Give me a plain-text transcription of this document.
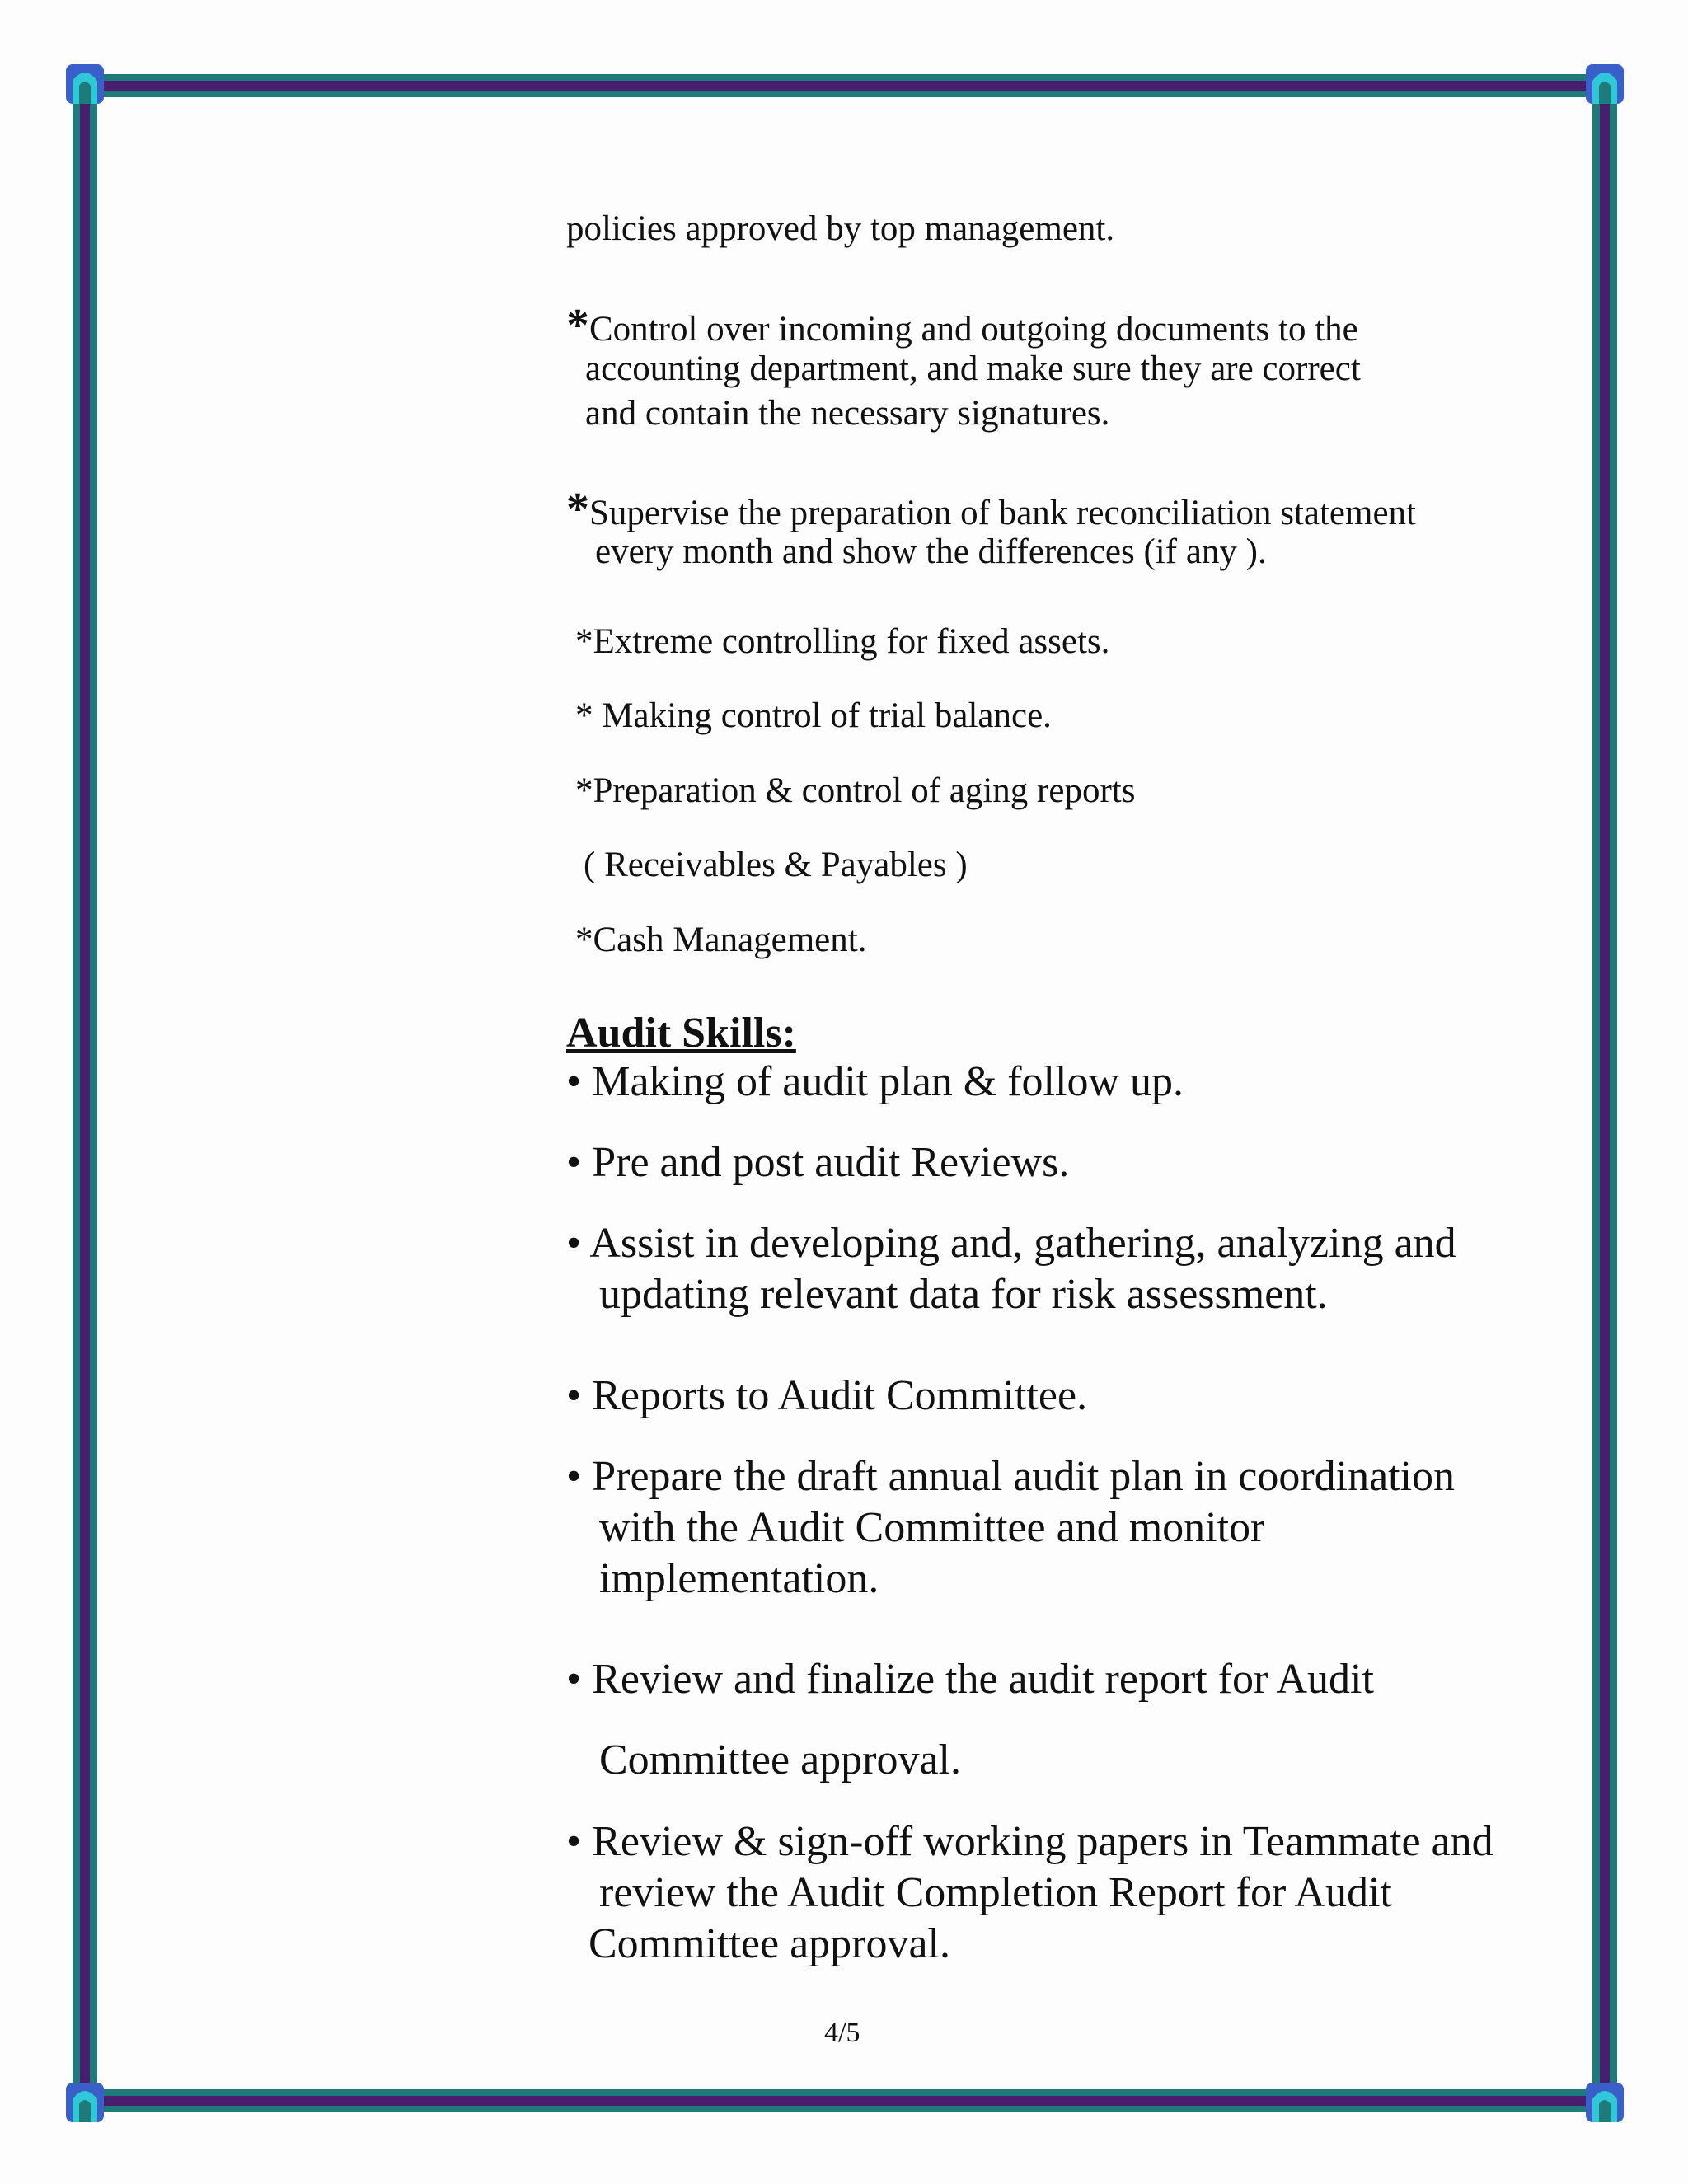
policies approved by top management.

*Control over incoming and outgoing documents to the

accounting department, and make sure they are correct

and contain the necessary signatures.

*Supervise the preparation of bank reconciliation statement

every month and show the differences (if any ).

*Extreme controlling for fixed assets.

* Making control of trial balance.

*Preparation & control of aging reports

( Receivables & Payables )

*Cash Management.

Audit Skills:

• Making of audit plan & follow up.

• Pre and post audit Reviews.

• Assist in developing and, gathering, analyzing and

updating relevant data for risk assessment.

• Reports to Audit Committee.

• Prepare the draft annual audit plan in coordination

with the Audit Committee and monitor

implementation.

• Review and finalize the audit report for Audit

Committee approval.

• Review & sign-off working papers in Teammate and

review the Audit Completion Report for Audit

Committee approval.

4/5
